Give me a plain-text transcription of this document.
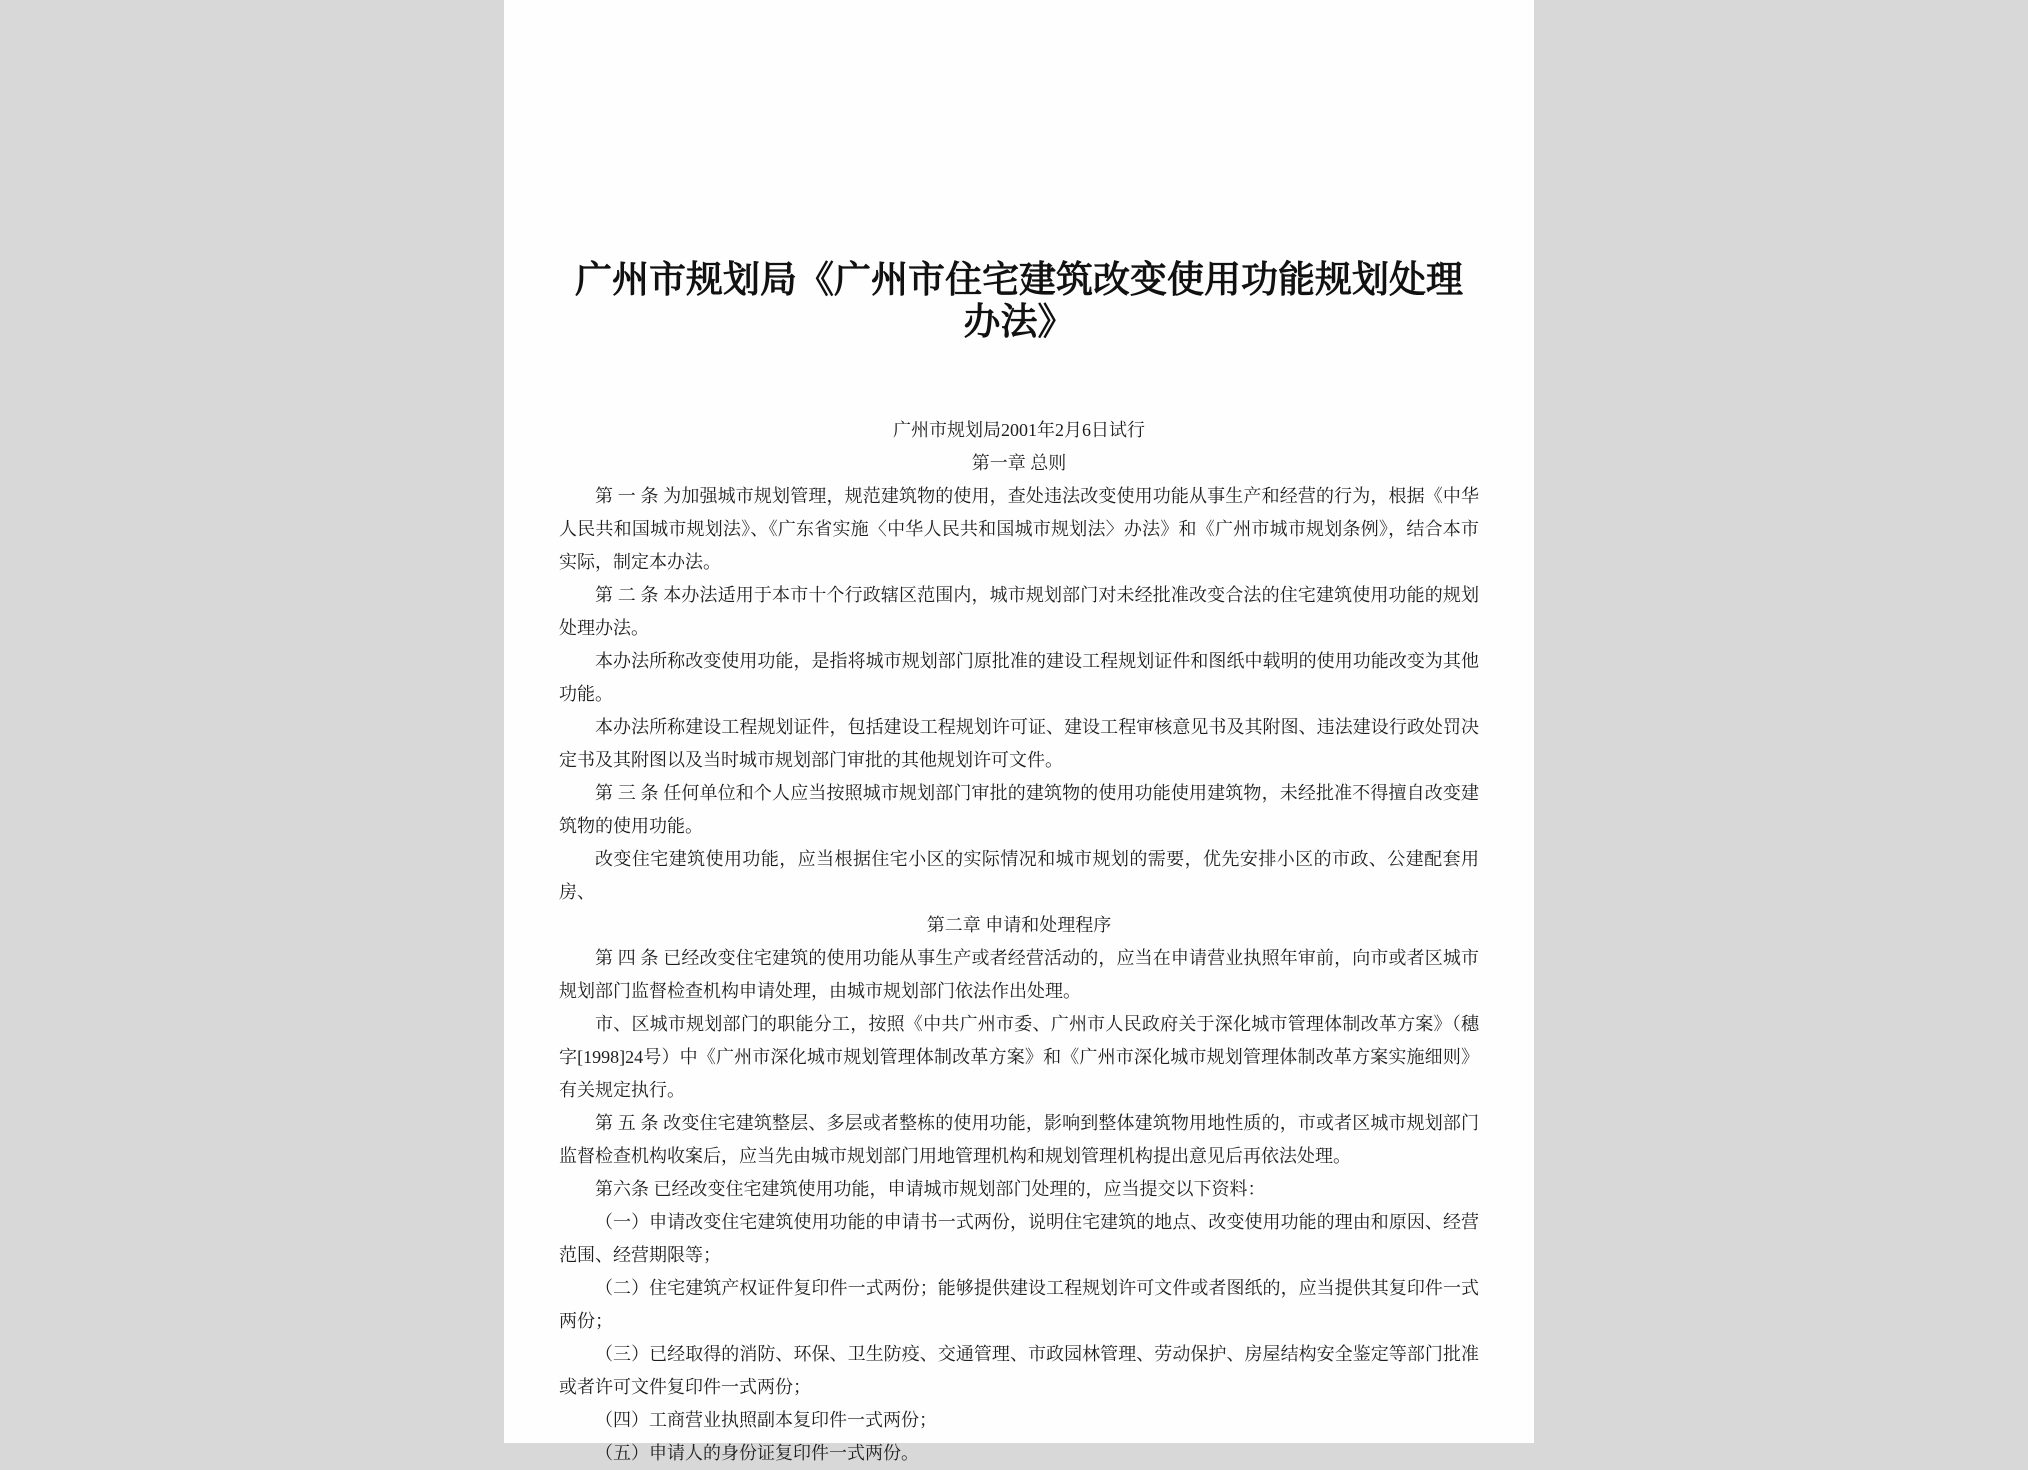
广州市规划局《广州市住宅建筑改变使用功能规划处理办法》
广州市规划局2001年2月6日试行

第一章 总则

第 一 条 为加强城市规划管理，规范建筑物的使用，查处违法改变使用功能从事生产和经营的行为，根据《中华人民共和国城市规划法》、《广东省实施〈中华人民共和国城市规划法〉办法》和《广州市城市规划条例》，结合本市实际，制定本办法。

第 二 条 本办法适用于本市十个行政辖区范围内，城市规划部门对未经批准改变合法的住宅建筑使用功能的规划处理办法。

本办法所称改变使用功能，是指将城市规划部门原批准的建设工程规划证件和图纸中载明的使用功能改变为其他功能。

本办法所称建设工程规划证件，包括建设工程规划许可证、建设工程审核意见书及其附图、违法建设行政处罚决定书及其附图以及当时城市规划部门审批的其他规划许可文件。

第 三 条 任何单位和个人应当按照城市规划部门审批的建筑物的使用功能使用建筑物，未经批准不得擅自改变建筑物的使用功能。

改变住宅建筑使用功能，应当根据住宅小区的实际情况和城市规划的需要，优先安排小区的市政、公建配套用房、

第二章 申请和处理程序

第 四 条 已经改变住宅建筑的使用功能从事生产或者经营活动的，应当在申请营业执照年审前，向市或者区城市规划部门监督检查机构申请处理，由城市规划部门依法作出处理。

市、区城市规划部门的职能分工，按照《中共广州市委、广州市人民政府关于深化城市管理体制改革方案》（穗字[1998]24号）中《广州市深化城市规划管理体制改革方案》和《广州市深化城市规划管理体制改革方案实施细则》有关规定执行。

第 五 条 改变住宅建筑整层、多层或者整栋的使用功能，影响到整体建筑物用地性质的，市或者区城市规划部门监督检查机构收案后，应当先由城市规划部门用地管理机构和规划管理机构提出意见后再依法处理。

第六条 已经改变住宅建筑使用功能，申请城市规划部门处理的，应当提交以下资料：

（一）申请改变住宅建筑使用功能的申请书一式两份，说明住宅建筑的地点、改变使用功能的理由和原因、经营范围、经营期限等；

（二）住宅建筑产权证件复印件一式两份；能够提供建设工程规划许可文件或者图纸的，应当提供其复印件一式两份；

（三）已经取得的消防、环保、卫生防疫、交通管理、市政园林管理、劳动保护、房屋结构安全鉴定等部门批准或者许可文件复印件一式两份；

（四）工商营业执照副本复印件一式两份；

（五）申请人的身份证复印件一式两份。
